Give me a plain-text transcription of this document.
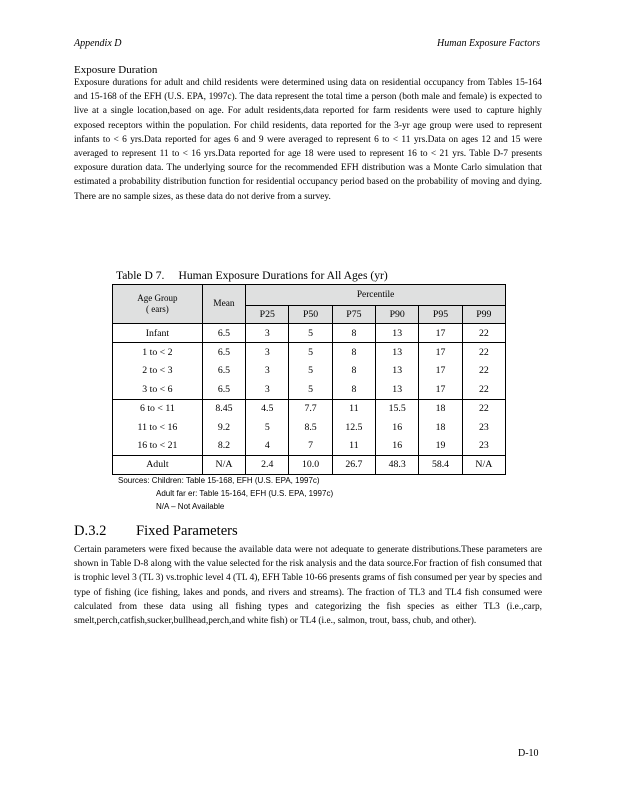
Appendix D	Human Exposure Factors
Exposure Duration
Exposure durations for adult and child residents were determined using data on residential occupancy from Tables 15-164 and 15-168 of the EFH (U.S. EPA, 1997c). The data represent the total time a person (both male and female) is expected to live at a single location,based on age. For adult residents,data reported for farm residents were used to capture highly exposed receptors within the population. For child residents, data reported for the 3-yr age group were used to represent infants to < 6 yrs.Data reported for ages 6 and 9 were averaged to represent 6 to < 11 yrs.Data on ages 12 and 15 were averaged to represent 11 to < 16 yrs.Data reported for age 18 were used to represent 16 to < 21 yrs. Table D-7 presents exposure duration data. The underlying source for the recommended EFH distribution was a Monte Carlo simulation that estimated a probability distribution function for residential occupancy period based on the probability of moving and dying. There are no sample sizes, as these data do not derive from a survey.
Table D 7. Human Exposure Durations for All Ages (yr)
Age Group
( ears)	Mean	Percentile					
		P25	P50	P75	P90	P95	P99
Infant	6.5	3	5	8	13	17	22
1 to < 2	6.5	3	5	8	13	17	22
2 to < 3	6.5	3	5	8	13	17	22
3 to < 6	6.5	3	5	8	13	17	22
6 to < 11	8.45	4.5	7.7	11	15.5	18	22
11 to < 16	9.2	5	8.5	12.5	16	18	23
16 to < 21	8.2	4	7	11	16	19	23
Adult	N/A	2.4	10.0	26.7	48.3	58.4	N/A
Sources: Children: Table 15-168, EFH (U.S. EPA, 1997c)
Adult far er: Table 15-164, EFH (U.S. EPA, 1997c)
N/A – Not Available
D.3.2 Fixed Parameters
Certain parameters were fixed because the available data were not adequate to generate distributions.These parameters are shown in Table D-8 along with the value selected for the risk analysis and the data source.For fraction of fish consumed that is trophic level 3 (TL 3) vs.trophic level 4 (TL 4), EFH Table 10-66 presents grams of fish consumed per year by species and type of fishing (ice fishing, lakes and ponds, and rivers and streams). The fraction of TL3 and TL4 fish consumed were calculated from these data using all fishing types and categorizing the fish species as either TL3 (i.e.,carp, smelt,perch,catfish,sucker,bullhead,perch,and white fish) or TL4 (i.e., salmon, trout, bass, chub, and other).
D-10
